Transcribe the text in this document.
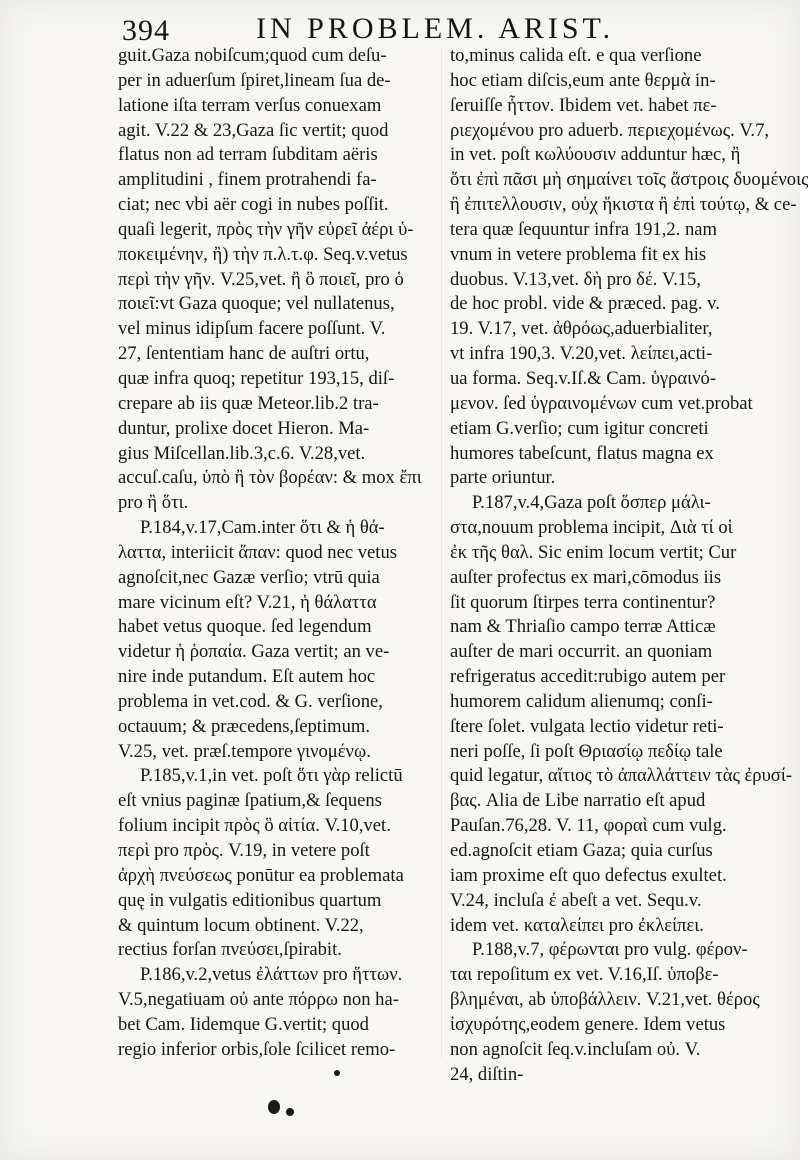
394	IN PROBLEM. ARIST.
guit.Gaza nobiſcum;quod cum deſu-
per in aduerſum ſpiret,lineam ſua de-
latione iſta terram verſus conuexam
agit. V.22 & 23,Gaza ſic vertit; quod
flatus non ad terram ſubditam aëris
amplitudini , finem protrahendi fa-
ciat; nec vbi aër cogi in nubes poſſit.
quaſi legerit, πρὸς τὴν γῆν εὐρεῖ ἀέρι ὑ-
ποκειμένην, ἢ) τὴν π.λ.τ.φ. Seq.v.vetus
περὶ τὴν γῆν. V.25,vet. ἢ ὃ ποιεῖ, pro ὁ
ποιεῖ:vt Gaza quoque; vel nullatenus,
vel minus idipſum facere poſſunt. V.
27, ſententiam hanc de auſtri ortu,
quæ infra quoq; repetitur 193,15, diſ-
crepare ab iis quæ Meteor.lib.2 tra-
duntur, prolixe docet Hieron. Ma-
gius Miſcellan.lib.3,c.6. V.28,vet.
accuſ.caſu, ὑπὸ ἢ τὸν βορέαν: & mox ἔπι
pro ἢ ὅτι.
P.184,v.17,Cam.inter ὅτι & ἡ θά-
λαττα, interiicit ἅπαν: quod nec vetus
agnoſcit,nec Gazæ verſio; vtrū quia
mare vicinum eſt? V.21, ἡ θάλαττα
habet vetus quoque. ſed legendum
videtur ἡ ῥοπαία. Gaza vertit; an ve-
nire inde putandum. Eſt autem hoc
problema in vet.cod. & G. verſione,
octauum; & præcedens,ſeptimum.
V.25, vet. præſ.tempore γινομένῳ.
P.185,v.1,in vet. poſt ὅτι γὰρ relictū
eſt vnius paginæ ſpatium,& ſequens
folium incipit πρὸς ὃ αἰτία. V.10,vet.
περὶ pro πρὸς. V.19, in vetere poſt
ἀρχὴ πνεύσεως ponūtur ea problemata
quę in vulgatis editionibus quartum
& quintum locum obtinent. V.22,
rectius forſan πνεύσει,ſpirabit.
P.186,v.2,vetus ἐλάττων pro ἥττων.
V.5,negatiuam οὐ ante πόρρω non ha-
bet Cam. Iidemque G.vertit; quod
regio inferior orbis,ſole ſcilicet remo-
to,minus calida eſt. e qua verſione
hoc etiam diſcis,eum ante θερμὰ in-
ſeruiſſe ἧττον. Ibidem vet. habet πε-
ριεχομένου pro aduerb. περιεχομένως. V.7,
in vet. poſt κωλύουσιν adduntur hæc, ἢ
ὅτι ἐπὶ πᾶσι μὴ σημαίνει τοῖς ἄστροις δυομένοις
ἢ ἐπιτελλουσιν, οὐχ ἥκιστα ἢ ἐπὶ τούτῳ, & ce-
tera quæ ſequuntur infra 191,2. nam
vnum in vetere problema fit ex his
duobus. V.13,vet. δὴ pro δέ. V.15,
de hoc probl. vide & præced. pag. v.
19. V.17, vet. ἀθρόως,aduerbialiter,
vt infra 190,3. V.20,vet. λείπει,acti-
ua forma. Seq.v.Iſ.& Cam. ὑγραινό-
μενον. ſed ὑγραινομένων cum vet.probat
etiam G.verſio; cum igitur concreti
humores tabeſcunt, flatus magna ex
parte oriuntur.
P.187,v.4,Gaza poſt ὅσπερ μάλι-
στα,nouum problema incipit, Διὰ τί οἱ
ἐκ τῆς θαλ. Sic enim locum vertit; Cur
auſter profectus ex mari,cōmodus iis
ſit quorum ſtirpes terra continentur?
nam & Thriaſio campo terræ Atticæ
auſter de mari occurrit. an quoniam
refrigeratus accedit:rubigo autem per
humorem calidum alienumq; conſi-
ſtere ſolet. vulgata lectio videtur reti-
neri poſſe, ſi poſt Θριασίῳ πεδίῳ tale
quid legatur, αἴτιος τὸ ἀπαλλάττειν τὰς ἐρυσί-
βας. Alia de Libe narratio eſt apud
Pauſan.76,28. V. 11, φοραὶ cum vulg.
ed.agnoſcit etiam Gaza; quia curſus
iam proxime eſt quo defectus exultet.
V.24, incluſa ἐ abeſt a vet. Sequ.v.
idem vet. καταλείπει pro ἐκλείπει.
P.188,v.7, φέρωνται pro vulg. φέρον-
ται repoſitum ex vet. V.16,Iſ. ὑποβε-
βλημέναι, ab ὑποβάλλειν. V.21,vet. θέρος
ἰσχυρότης,eodem genere. Idem vetus
non agnoſcit ſeq.v.incluſam οὐ. V.
24, diſtin-
